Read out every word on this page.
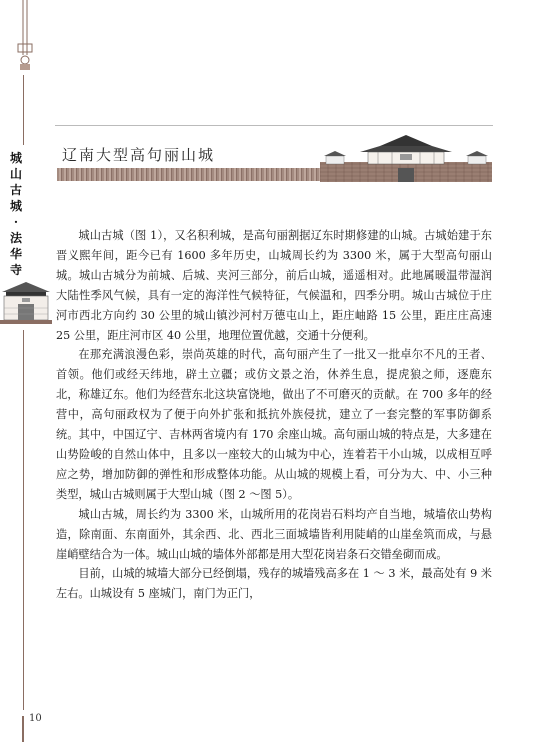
城
山
古
城
·
法
华
寺
10
辽南大型高句丽山城

城山古城（图 1），又名积利城，是高句丽割据辽东时期修建的山城。古城始建于东晋义熙年间，距今已有 1600 多年历史，山城周长约为 3300 米，属于大型高句丽山城。城山古城分为前城、后城、夹河三部分，前后山城，遥遥相对。此地属暖温带湿润大陆性季风气候，具有一定的海洋性气候特征，气候温和，四季分明。城山古城位于庄河市西北方向约 30 公里的城山镇沙河村万德屯山上，距庄岫路 15 公里，距庄庄高速 25 公里，距庄河市区 40 公里，地理位置优越，交通十分便利。

在那充满浪漫色彩，崇尚英雄的时代，高句丽产生了一批又一批卓尔不凡的王者、首领。他们或经天纬地，辟土立疆；或仿文景之治，休养生息，提虎狼之师，逐鹿东北，称雄辽东。他们为经营东北这块富饶地，做出了不可磨灭的贡献。在 700 多年的经营中，高句丽政权为了便于向外扩张和抵抗外族侵扰，建立了一套完整的军事防御系统。其中，中国辽宁、吉林两省境内有 170 余座山城。高句丽山城的特点是，大多建在山势险峻的自然山体中，且多以一座较大的山城为中心，连着若干小山城，以成相互呼应之势，增加防御的弹性和形成整体功能。从山城的规模上看，可分为大、中、小三种类型，城山古城则属于大型山城（图 2 ～图 5）。

城山古城，周长约为 3300 米，山城所用的花岗岩石料均产自当地，城墙依山势构造，除南面、东南面外，其余西、北、西北三面城墙皆利用陡峭的山崖垒筑而成，与悬崖峭壁结合为一体。城山山城的墙体外部都是用大型花岗岩条石交错垒砌而成。

目前，山城的城墙大部分已经倒塌，残存的城墙残高多在 1 ～ 3 米，最高处有 9 米左右。山城设有 5 座城门，南门为正门，
